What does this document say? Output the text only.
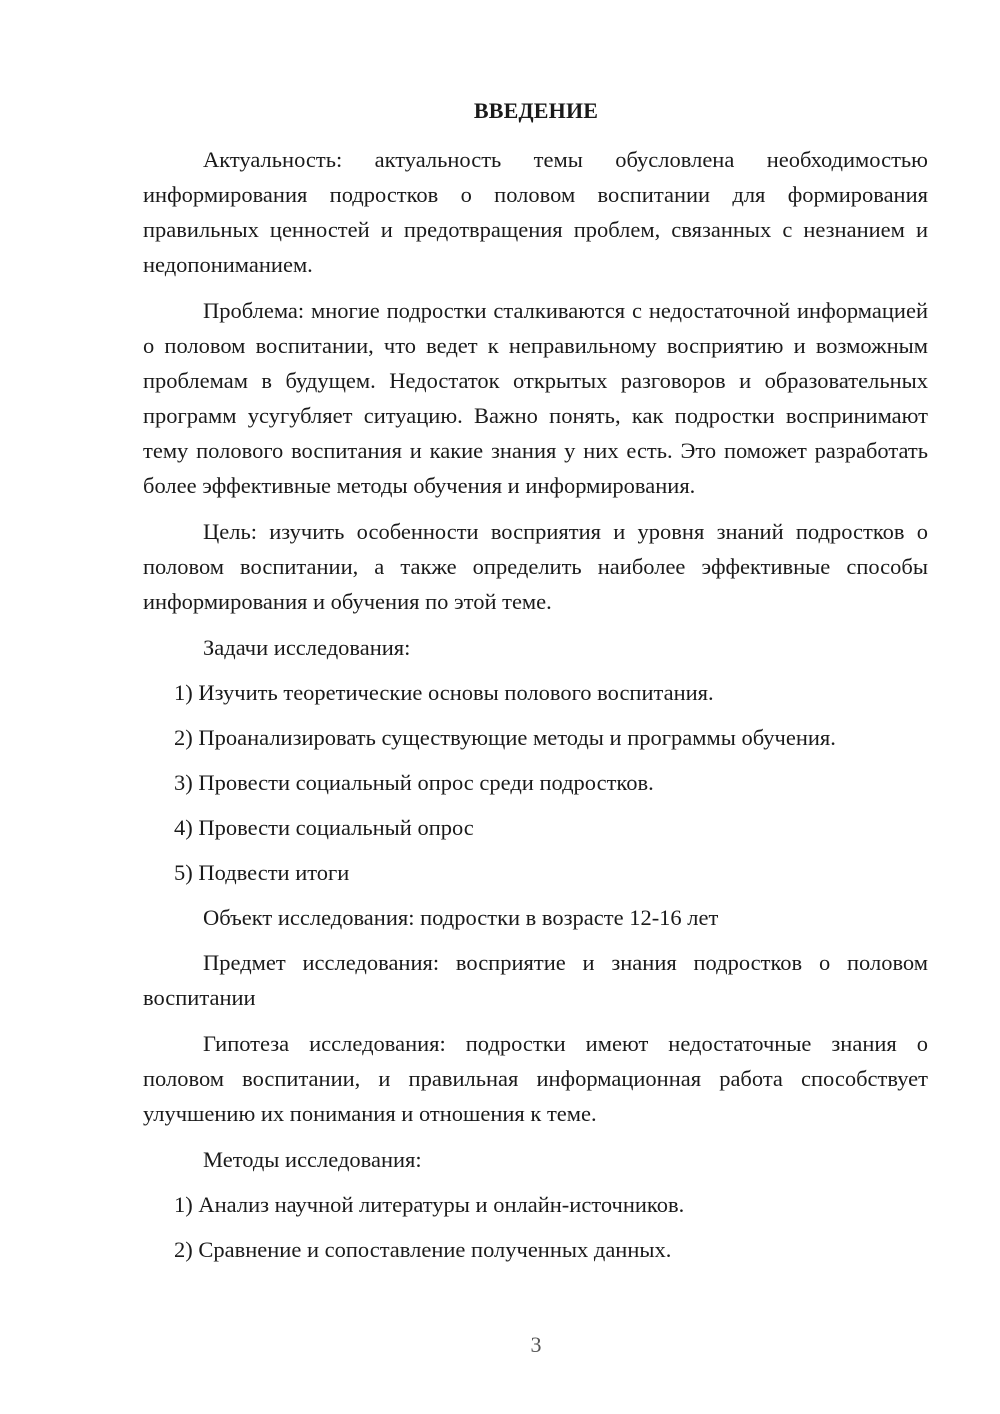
ВВЕДЕНИЕ

Актуальность: актуальность темы обусловлена необходимостью информирования подростков о половом воспитании для формирования правильных ценностей и предотвращения проблем, связанных с незнанием и недопониманием.

Проблема: многие подростки сталкиваются с недостаточной информацией о половом воспитании, что ведет к неправильному восприятию и возможным проблемам в будущем. Недостаток открытых разговоров и образовательных программ усугубляет ситуацию. Важно понять, как подростки воспринимают тему полового воспитания и какие знания у них есть. Это поможет разработать более эффективные методы обучения и информирования.

Цель: изучить особенности восприятия и уровня знаний подростков о половом воспитании, а также определить наиболее эффективные способы информирования и обучения по этой теме.

Задачи исследования:

1) Изучить теоретические основы полового воспитания.
2) Проанализировать существующие методы и программы обучения.
3) Провести социальный опрос среди подростков.
4) Провести социальный опрос
5) Подвести итоги

Объект исследования: подростки в возрасте 12-16 лет

Предмет исследования: восприятие и знания подростков о половом воспитании

Гипотеза исследования: подростки имеют недостаточные знания о половом воспитании, и правильная информационная работа способствует улучшению их понимания и отношения к теме.

Методы исследования:

1) Анализ научной литературы и онлайн-источников.
2) Сравнение и сопоставление полученных данных.
3
